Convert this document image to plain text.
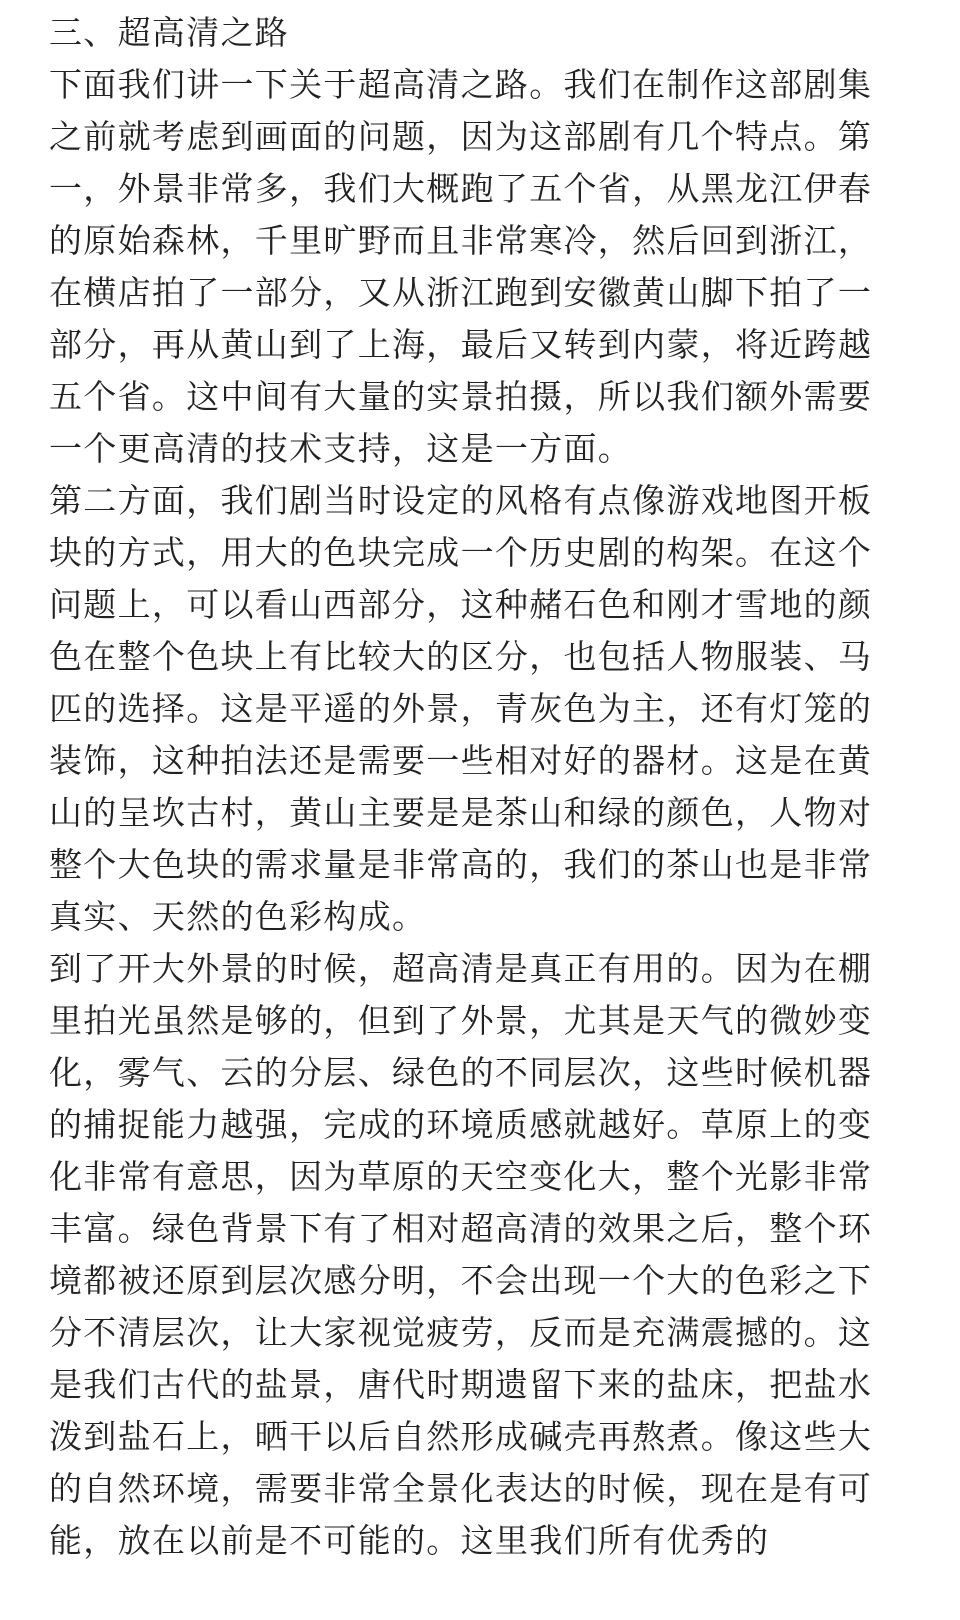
三、超高清之路
下面我们讲一下关于超高清之路。我们在制作这部剧集
之前就考虑到画面的问题，因为这部剧有几个特点。第
一，外景非常多，我们大概跑了五个省，从黑龙江伊春
的原始森林，千里旷野而且非常寒冷，然后回到浙江，
在横店拍了一部分，又从浙江跑到安徽黄山脚下拍了一
部分，再从黄山到了上海，最后又转到内蒙，将近跨越
五个省。这中间有大量的实景拍摄，所以我们额外需要
一个更高清的技术支持，这是一方面。
第二方面，我们剧当时设定的风格有点像游戏地图开板
块的方式，用大的色块完成一个历史剧的构架。在这个
问题上，可以看山西部分，这种赭石色和刚才雪地的颜
色在整个色块上有比较大的区分，也包括人物服装、马
匹的选择。这是平遥的外景，青灰色为主，还有灯笼的
装饰，这种拍法还是需要一些相对好的器材。这是在黄
山的呈坎古村，黄山主要是是茶山和绿的颜色，人物对
整个大色块的需求量是非常高的，我们的茶山也是非常
真实、天然的色彩构成。
到了开大外景的时候，超高清是真正有用的。因为在棚
里拍光虽然是够的，但到了外景，尤其是天气的微妙变
化，雾气、云的分层、绿色的不同层次，这些时候机器
的捕捉能力越强，完成的环境质感就越好。草原上的变
化非常有意思，因为草原的天空变化大，整个光影非常
丰富。绿色背景下有了相对超高清的效果之后，整个环
境都被还原到层次感分明，不会出现一个大的色彩之下
分不清层次，让大家视觉疲劳，反而是充满震撼的。这
是我们古代的盐景，唐代时期遗留下来的盐床，把盐水
泼到盐石上，晒干以后自然形成碱壳再熬煮。像这些大
的自然环境，需要非常全景化表达的时候，现在是有可
能，放在以前是不可能的。这里我们所有优秀的
